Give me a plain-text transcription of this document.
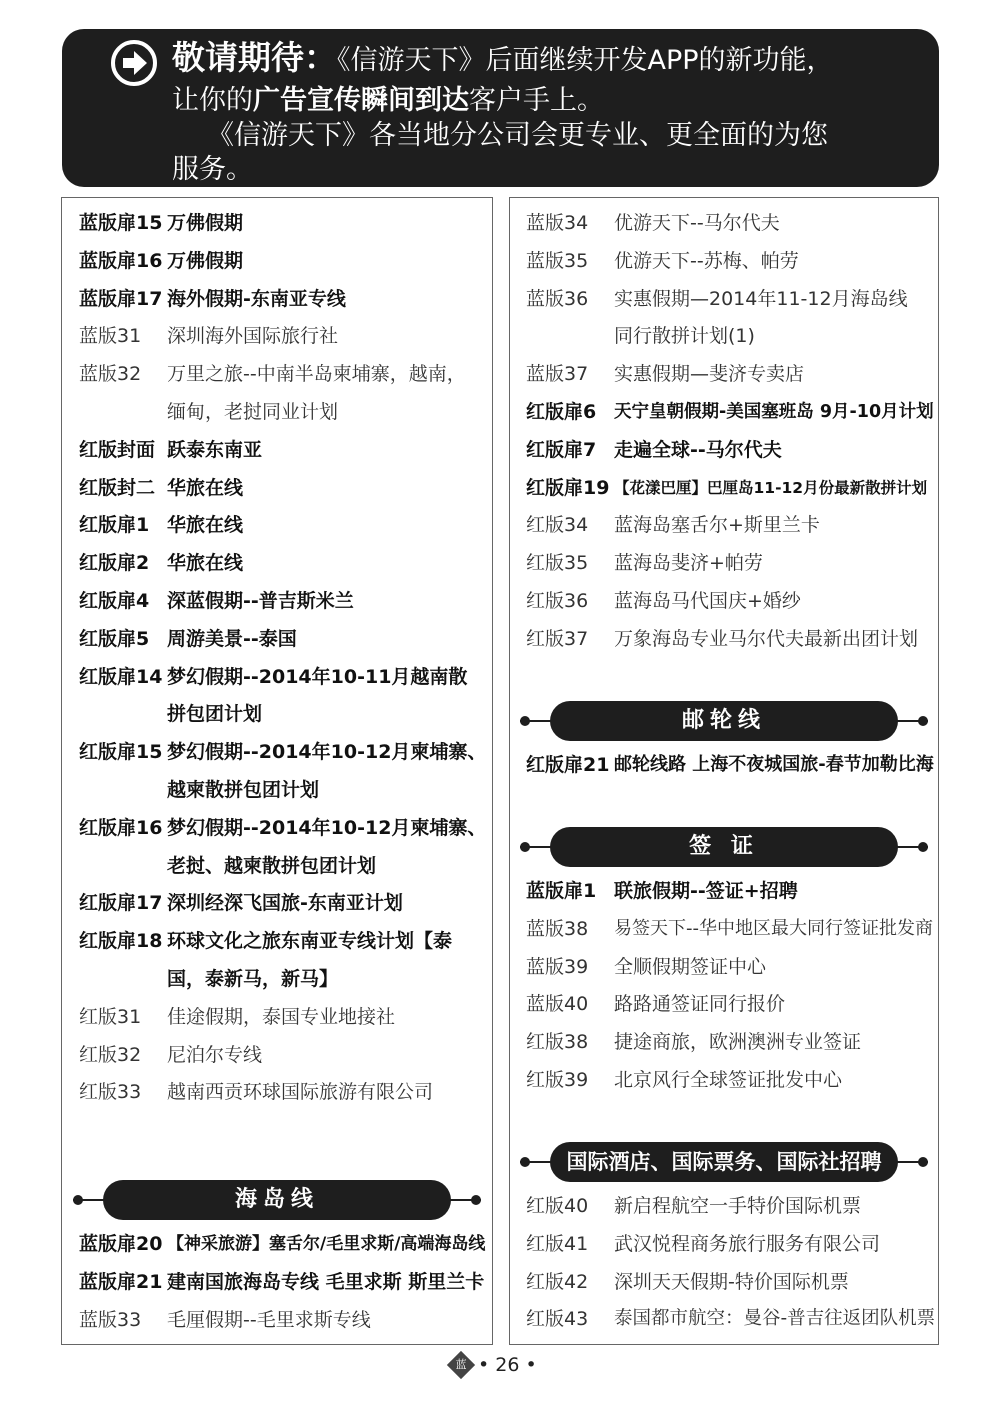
敬请期待：《信游天下》后面继续开发APP的新功能，
让你的广告宣传瞬间到达客户手上。
《信游天下》各当地分公司会更专业、更全面的为您
服务。
蓝版扉15 万佛假期
蓝版扉16 万佛假期
蓝版扉17 海外假期-东南亚专线
蓝版31 深圳海外国际旅行社
蓝版32 万里之旅--中南半岛柬埔寨，越南，
缅甸，老挝同业计划
红版封面 跃泰东南亚
红版封二 华旅在线
红版扉1 华旅在线
红版扉2 华旅在线
红版扉4 深蓝假期--普吉斯米兰
红版扉5 周游美景--泰国
红版扉14 梦幻假期--2014年10-11月越南散
拼包团计划
红版扉15 梦幻假期--2014年10-12月柬埔寨、
越柬散拼包团计划
红版扉16 梦幻假期--2014年10-12月柬埔寨、
老挝、越柬散拼包团计划
红版扉17 深圳经深飞国旅-东南亚计划
红版扉18 环球文化之旅东南亚专线计划【泰
国，泰新马，新马】
红版31 佳途假期，泰国专业地接社
红版32 尼泊尔专线
红版33 越南西贡环球国际旅游有限公司
蓝版扉20 【神采旅游】塞舌尔/毛里求斯/高端海岛线
蓝版扉21 建南国旅海岛专线 毛里求斯 斯里兰卡
蓝版33 毛厘假期--毛里求斯专线
蓝版34 优游天下--马尔代夫
蓝版35 优游天下--苏梅、帕劳
蓝版36 实惠假期—2014年11-12月海岛线
同行散拼计划(1)
蓝版37 实惠假期—斐济专卖店
红版扉6 天宁皇朝假期-美国塞班岛 9月-10月计划
红版扉7 走遍全球--马尔代夫
红版扉19 【花漾巴厘】巴厘岛11-12月份最新散拼计划
红版34 蓝海岛塞舌尔+斯里兰卡
红版35 蓝海岛斐济+帕劳
红版36 蓝海岛马代国庆+婚纱
红版37 万象海岛专业马尔代夫最新出团计划
红版扉21 邮轮线路 上海不夜城国旅-春节加勒比海
蓝版扉1 联旅假期--签证+招聘
蓝版38 易签天下--华中地区最大同行签证批发商
蓝版39 全顺假期签证中心
蓝版40 路路通签证同行报价
红版38 捷途商旅，欧洲澳洲专业签证
红版39 北京风行全球签证批发中心
红版40 新启程航空一手特价国际机票
红版41 武汉悦程商务旅行服务有限公司
红版42 深圳天天假期-特价国际机票
红版43 泰国都市航空：曼谷-普吉往返团队机票
海岛线
邮轮线
签 证
国际酒店、国际票务、国际社招聘
蓝 • 26 •
